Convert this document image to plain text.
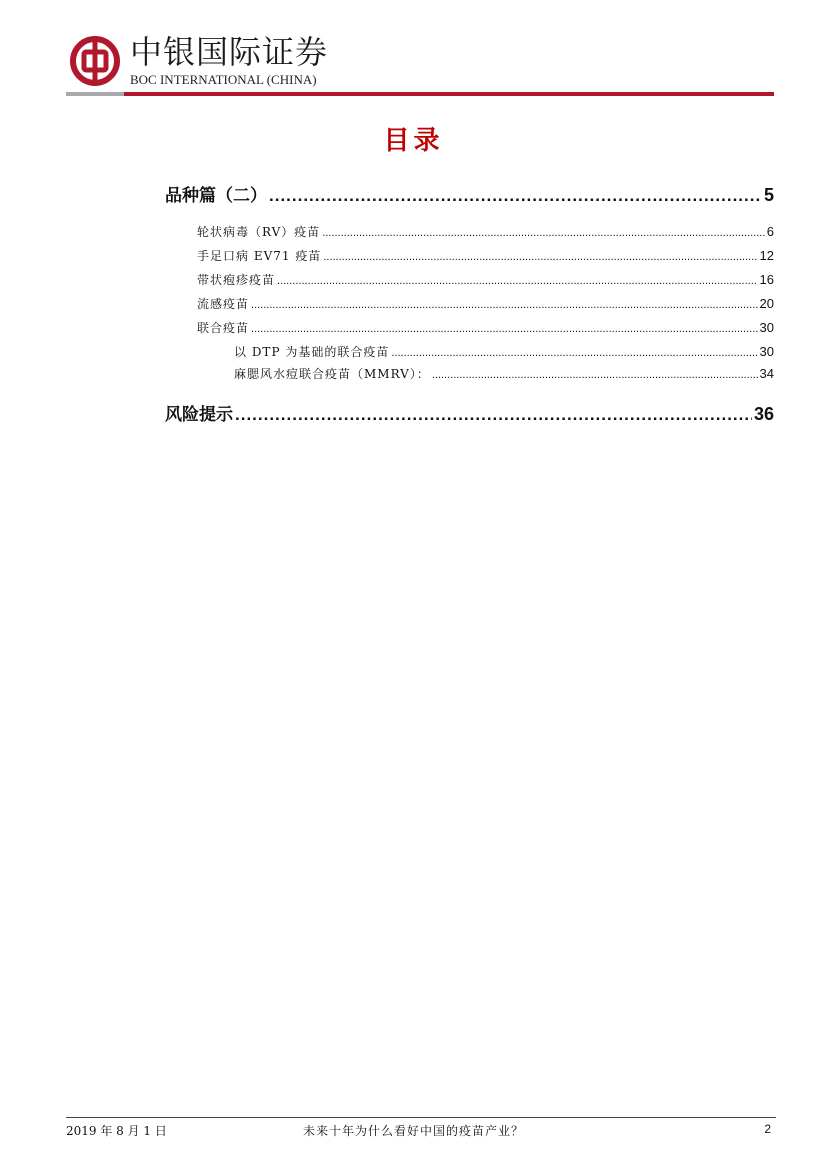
中银国际证券
BOC INTERNATIONAL (CHINA)
目录
品种篇（二） .....	5
轮状病毒（RV）疫苗 .....	6
手足口病 EV71 疫苗 .....	12
带状疱疹疫苗 .....	16
流感疫苗 .....	20
联合疫苗 .....	30
以 DTP 为基础的联合疫苗 .....	30
麻腮风水痘联合疫苗（MMRV）： .....	34
风险提示 .....	36
2019 年 8 月 1 日	未来十年为什么看好中国的疫苗产业？	2
